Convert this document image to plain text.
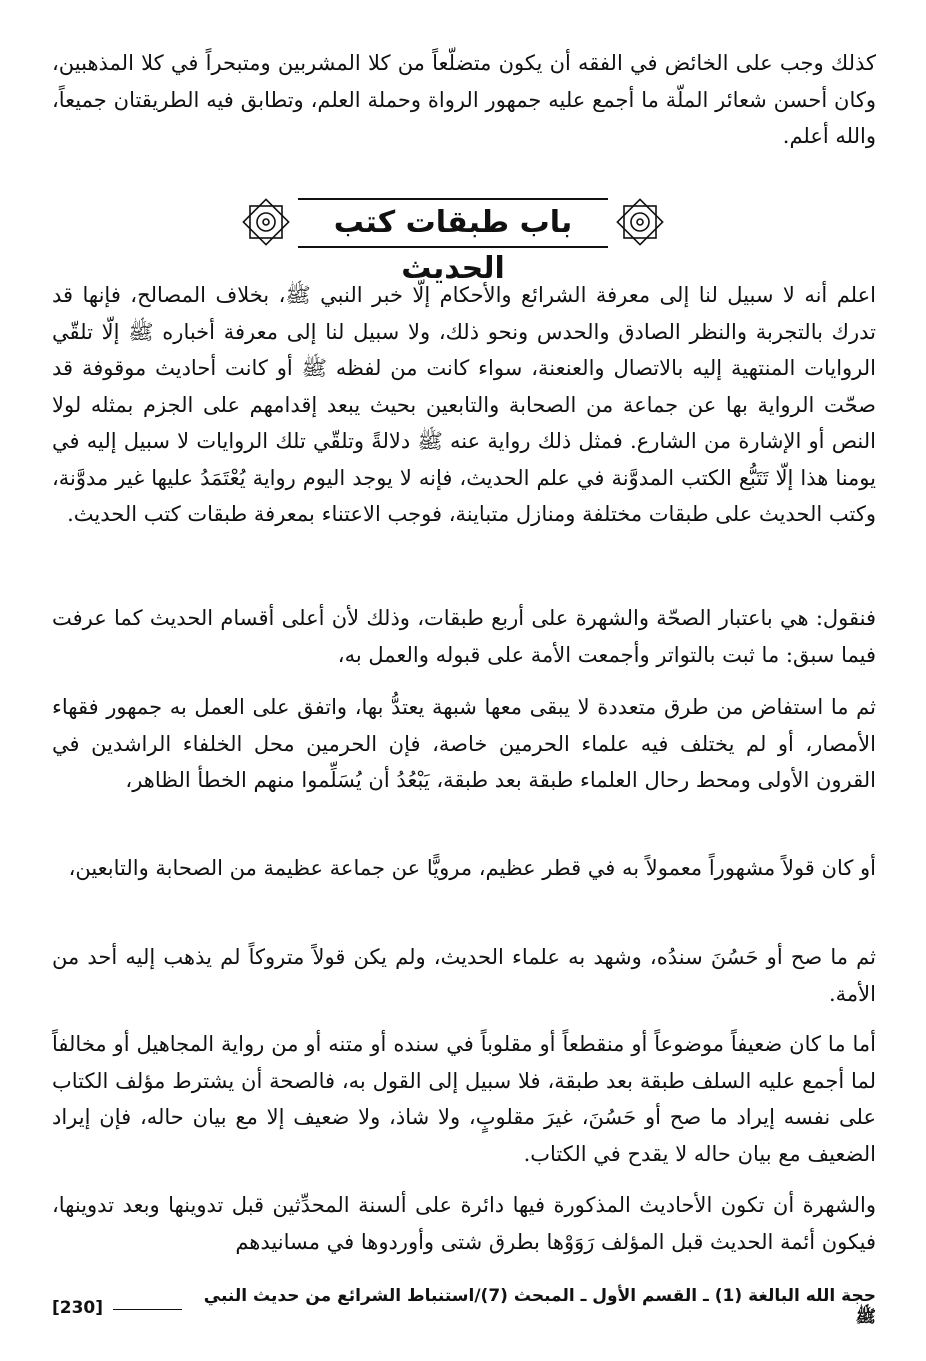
كذلك وجب على الخائض في الفقه أن يكون متضلّعاً من كلا المشربين ومتبحراً في كلا المذهبين، وكان أحسن شعائر الملّة ما أجمع عليه جمهور الرواة وحملة العلم، وتطابق فيه الطريقتان جميعاً، والله أعلم.

باب طبقات كتب الحديث

اعلم أنه لا سبيل لنا إلى معرفة الشرائع والأحكام إلّا خبر النبي ﷺ، بخلاف المصالح، فإنها قد تدرك بالتجربة والنظر الصادق والحدس ونحو ذلك، ولا سبيل لنا إلى معرفة أخباره ﷺ إلّا تلقّي الروايات المنتهية إليه بالاتصال والعنعنة، سواء كانت من لفظه ﷺ أو كانت أحاديث موقوفة قد صحّت الرواية بها عن جماعة من الصحابة والتابعين بحيث يبعد إقدامهم على الجزم بمثله لولا النص أو الإشارة من الشارع. فمثل ذلك رواية عنه ﷺ دلالةً وتلقّي تلك الروايات لا سبيل إليه في يومنا هذا إلّا تَتَبُّع الكتب المدوَّنة في علم الحديث، فإنه لا يوجد اليوم رواية يُعْتَمَدُ عليها غير مدوَّنة، وكتب الحديث على طبقات مختلفة ومنازل متباينة، فوجب الاعتناء بمعرفة طبقات كتب الحديث.

فنقول: هي باعتبار الصحّة والشهرة على أربع طبقات، وذلك لأن أعلى أقسام الحديث كما عرفت فيما سبق: ما ثبت بالتواتر وأجمعت الأمة على قبوله والعمل به،

ثم ما استفاض من طرق متعددة لا يبقى معها شبهة يعتدُّ بها، واتفق على العمل به جمهور فقهاء الأمصار، أو لم يختلف فيه علماء الحرمين خاصة، فإن الحرمين محل الخلفاء الراشدين في القرون الأولى ومحط رحال العلماء طبقة بعد طبقة، يَبْعُدُ أن يُسَلِّموا منهم الخطأ الظاهر،

أو كان قولاً مشهوراً معمولاً به في قطر عظيم، مرويًّا عن جماعة عظيمة من الصحابة والتابعين،

ثم ما صح أو حَسُنَ سندُه، وشهد به علماء الحديث، ولم يكن قولاً متروكاً لم يذهب إليه أحد من الأمة.

أما ما كان ضعيفاً موضوعاً أو منقطعاً أو مقلوباً في سنده أو متنه أو من رواية المجاهيل أو مخالفاً لما أجمع عليه السلف طبقة بعد طبقة، فلا سبيل إلى القول به، فالصحة أن يشترط مؤلف الكتاب على نفسه إيراد ما صح أو حَسُنَ، غيرَ مقلوبٍ، ولا شاذ، ولا ضعيف إلا مع بيان حاله، فإن إيراد الضعيف مع بيان حاله لا يقدح في الكتاب.

والشهرة أن تكون الأحاديث المذكورة فيها دائرة على ألسنة المحدِّثين قبل تدوينها وبعد تدوينها، فيكون أئمة الحديث قبل المؤلف رَوَوْها بطرق شتى وأوردوها في مسانيدهم

حجة الله البالغة (1) ـ القسم الأول ـ المبحث (7)/استنباط الشرائع من حديث النبي ﷺ
[230]
